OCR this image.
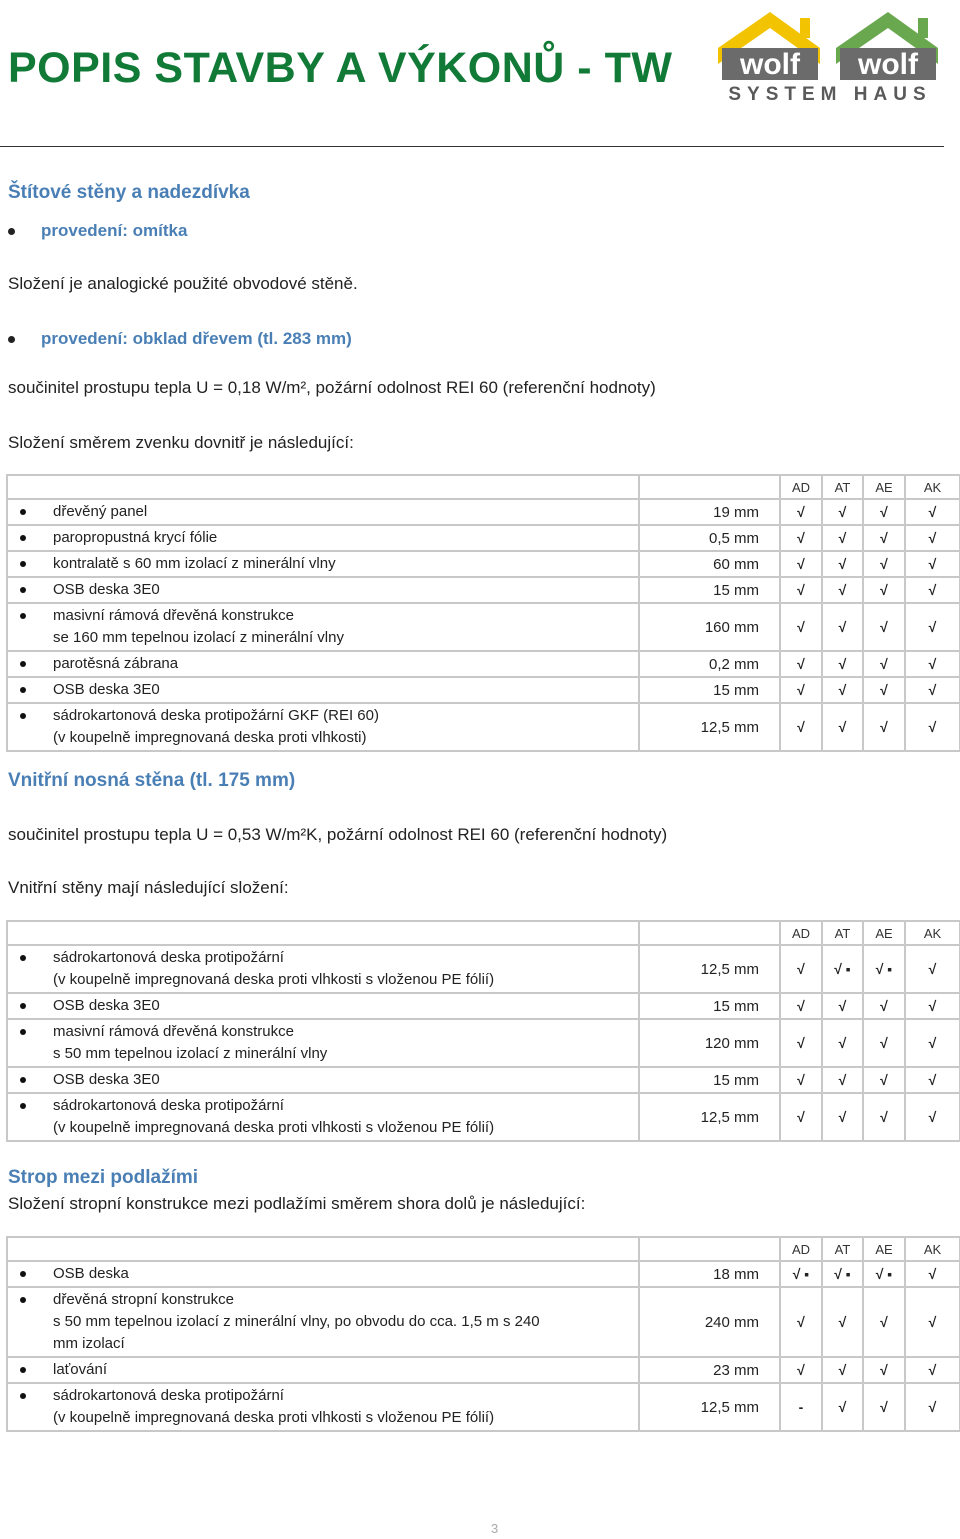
POPIS STAVBY A VÝKONŮ - TW wolf wolf
SYSTEM HAUS
Štítové stěny a nadezdívka
provedení: omítka
Složení je analogické použité obvodové stěně.
provedení: obklad dřevem (tl. 283 mm)
součinitel prostupu tepla U = 0,18 W/m², požární odolnost REI 60 (referenční hodnoty)
Složení směrem zvenku dovnitř je následující:
		AD	AT	AE	AK

dřevěný panel	19 mm	√	√	√	√

paropropustná krycí fólie	0,5 mm	√	√	√	√

kontralatě s 60 mm izolací z minerální vlny	60 mm	√	√	√	√

OSB deska 3E0	15 mm	√	√	√	√

masivní rámová dřevěná konstrukce
se 160 mm tepelnou izolací z minerální vlny	160 mm	√	√	√	√

parotěsná zábrana	0,2 mm	√	√	√	√

OSB deska 3E0	15 mm	√	√	√	√

sádrokartonová deska protipožární GKF (REI 60)
(v koupelně impregnovaná deska proti vlhkosti)	12,5 mm	√	√	√	√
Vnitřní nosná stěna (tl. 175 mm)
součinitel prostupu tepla U = 0,53 W/m²K, požární odolnost REI 60 (referenční hodnoty)
Vnitřní stěny mají následující složení:
		AD	AT	AE	AK

sádrokartonová deska protipožární
(v koupelně impregnovaná deska proti vlhkosti s vloženou PE fólií)	12,5 mm	√	√ ▪	√ ▪	√

OSB deska 3E0	15 mm	√	√	√	√

masivní rámová dřevěná konstrukce
s 50 mm tepelnou izolací z minerální vlny	120 mm	√	√	√	√

OSB deska 3E0	15 mm	√	√	√	√

sádrokartonová deska protipožární
(v koupelně impregnovaná deska proti vlhkosti s vloženou PE fólií)	12,5 mm	√	√	√	√
Strop mezi podlažími
Složení stropní konstrukce mezi podlažími směrem shora dolů je následující:
		AD	AT	AE	AK

OSB deska	18 mm	√ ▪	√ ▪	√ ▪	√

dřevěná stropní konstrukce
s 50 mm tepelnou izolací z minerální vlny, po obvodu do cca. 1,5 m s 240
mm izolací	240 mm	√	√	√	√

laťování	23 mm	√	√	√	√

sádrokartonová deska protipožární
(v koupelně impregnovaná deska proti vlhkosti s vloženou PE fólií)	12,5 mm	-	√	√	√
3
